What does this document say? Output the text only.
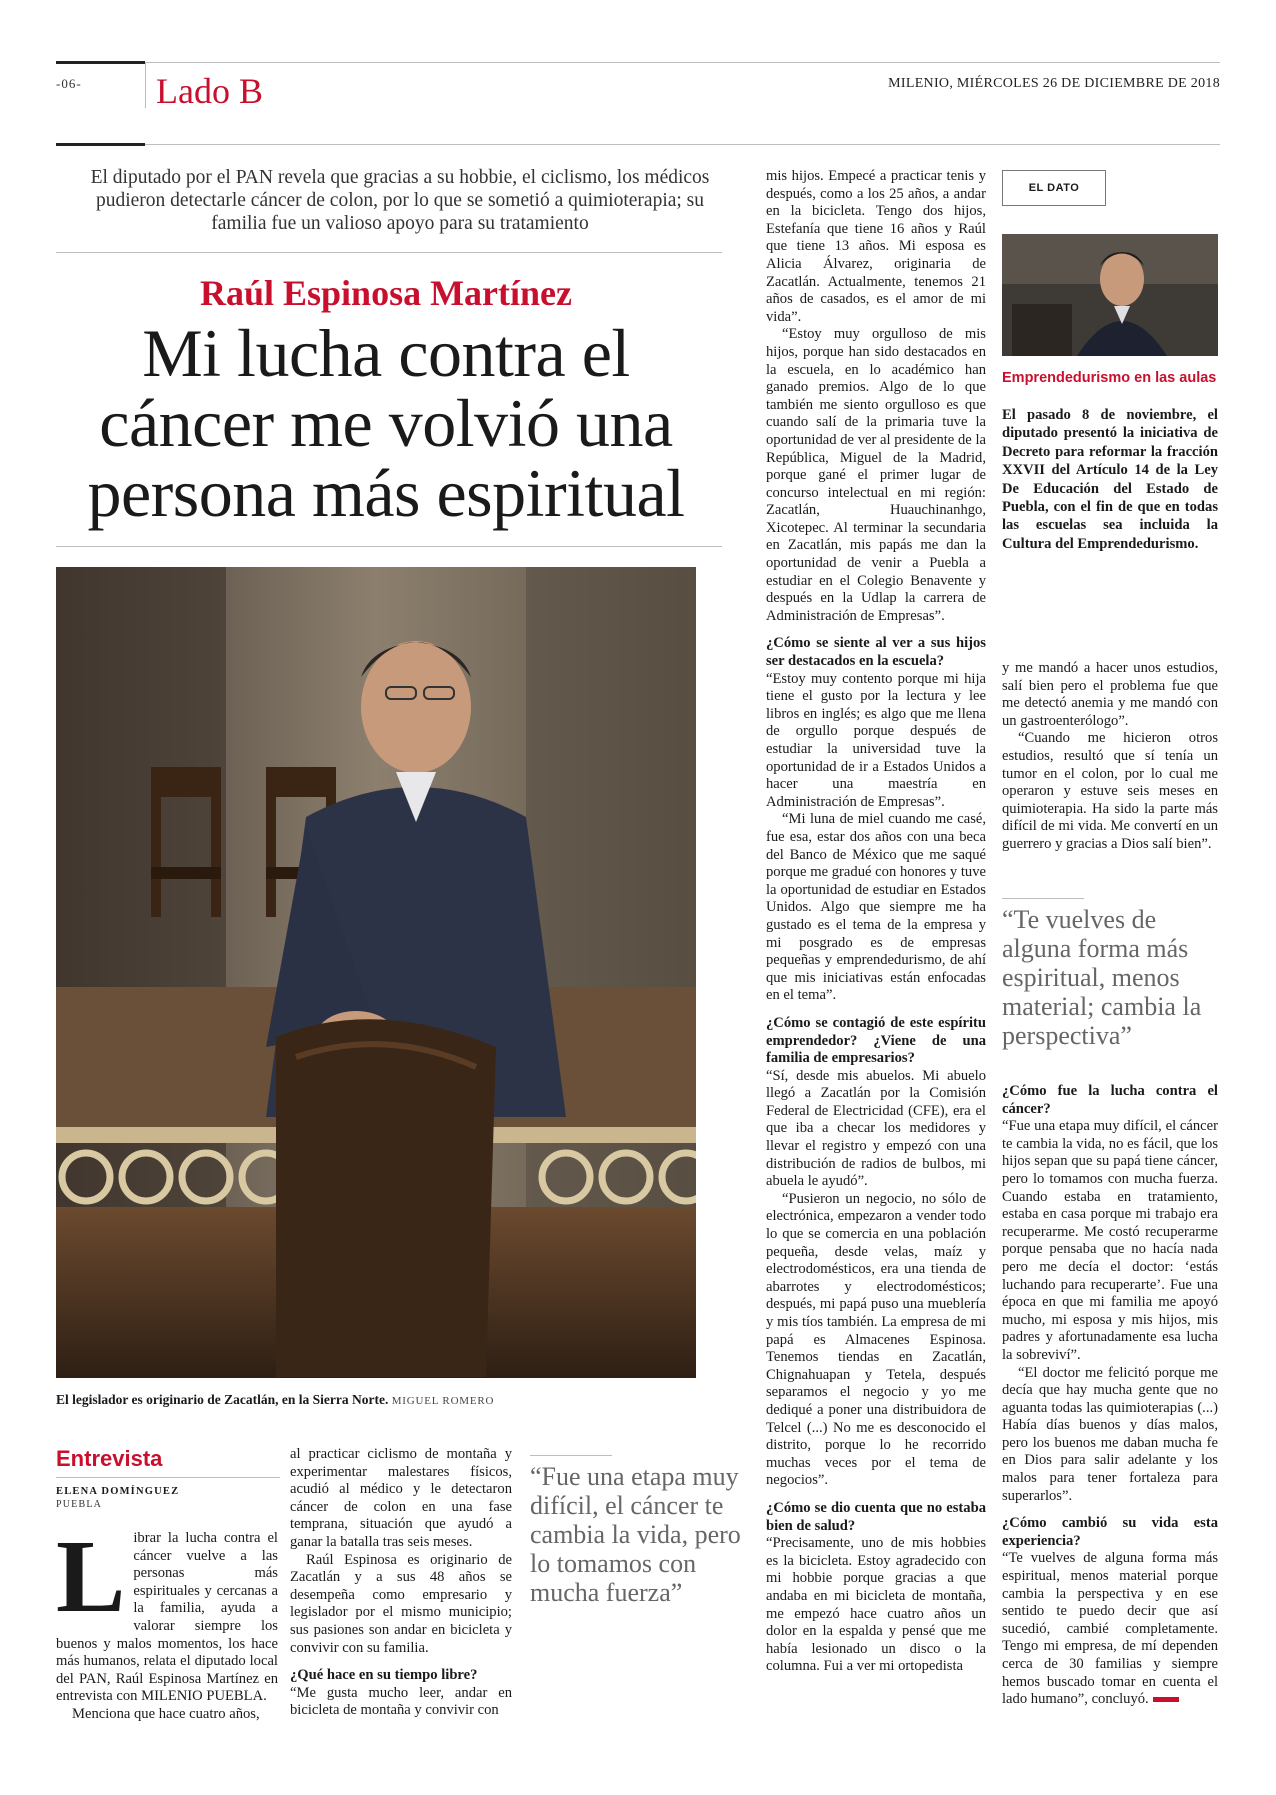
-06- Lado B	MILENIO, MIÉRCOLES 26 DE DICIEMBRE DE 2018
El diputado por el PAN revela que gracias a su hobbie, el ciclismo, los médicos pudieron detectarle cáncer de colon, por lo que se sometió a quimioterapia; su familia fue un valioso apoyo para su tratamiento
Raúl Espinosa Martínez
Mi lucha contra el cáncer me volvió una persona más espiritual
El legislador es originario de Zacatlán, en la Sierra Norte. MIGUEL ROMERO
Entrevista
ELENA DOMÍNGUEZ
PUEBLA
L ibrar la lucha contra el cáncer vuelve a las personas más espirituales y cercanas a la familia, ayuda a valorar siempre los buenos y malos momentos, los hace más humanos, relata el diputado local del PAN, Raúl Espinosa Martínez en entrevista con MILENIO PUEBLA.

Menciona que hace cuatro años,

al practicar ciclismo de montaña y experimentar malestares físicos, acudió al médico y le detectaron cáncer de colon en una fase temprana, situación que ayudó a ganar la batalla tras seis meses.

Raúl Espinosa es originario de Zacatlán y a sus 48 años se desempeña como empresario y legislador por el mismo municipio; sus pasiones son andar en bicicleta y convivir con su familia.

¿Qué hace en su tiempo libre?

“Me gusta mucho leer, andar en bicicleta de montaña y convivir con

“Fue una etapa muy difícil, el cáncer te cambia la vida, pero lo tomamos con mucha fuerza”

mis hijos. Empecé a practicar tenis y después, como a los 25 años, a andar en la bicicleta. Tengo dos hijos, Estefanía que tiene 16 años y Raúl que tiene 13 años. Mi esposa es Alicia Álvarez, originaria de Zacatlán. Actualmente, tenemos 21 años de casados, es el amor de mi vida”.

“Estoy muy orgulloso de mis hijos, porque han sido destacados en la escuela, en lo académico han ganado premios. Algo de lo que también me siento orgulloso es que cuando salí de la primaria tuve la oportunidad de ver al presidente de la República, Miguel de la Madrid, porque gané el primer lugar de concurso intelectual en mi región: Zacatlán, Huauchinanhgo, Xicotepec. Al terminar la secundaria en Zacatlán, mis papás me dan la oportunidad de venir a Puebla a estudiar en el Colegio Benavente y después en la Udlap la carrera de Administración de Empresas”.

¿Cómo se siente al ver a sus hijos ser destacados en la escuela?

“Estoy muy contento porque mi hija tiene el gusto por la lectura y lee libros en inglés; es algo que me llena de orgullo porque después de estudiar la universidad tuve la oportunidad de ir a Estados Unidos a hacer una maestría en Administración de Empresas”.

“Mi luna de miel cuando me casé, fue esa, estar dos años con una beca del Banco de México que me saqué porque me gradué con honores y tuve la oportunidad de estudiar en Estados Unidos. Algo que siempre me ha gustado es el tema de la empresa y mi posgrado es de empresas pequeñas y emprendedurismo, de ahí que mis iniciativas están enfocadas en el tema”.

¿Cómo se contagió de este espíritu emprendedor? ¿Viene de una familia de empresarios?

“Sí, desde mis abuelos. Mi abuelo llegó a Zacatlán por la Comisión Federal de Electricidad (CFE), era el que iba a checar los medidores y llevar el registro y empezó con una distribución de radios de bulbos, mi abuela le ayudó”.

“Pusieron un negocio, no sólo de electrónica, empezaron a vender todo lo que se comercia en una población pequeña, desde velas, maíz y electrodomésticos, era una tienda de abarrotes y electrodomésticos; después, mi papá puso una mueblería y mis tíos también. La empresa de mi papá es Almacenes Espinosa. Tenemos tiendas en Zacatlán, Chignahuapan y Tetela, después separamos el negocio y yo me dediqué a poner una distribuidora de Telcel (...) No me es desconocido el distrito, porque lo he recorrido muchas veces por el tema de negocios”.

¿Cómo se dio cuenta que no estaba bien de salud?

“Precisamente, uno de mis hobbies es la bicicleta. Estoy agradecido con mi hobbie porque gracias a que andaba en mi bicicleta de montaña, me empezó hace cuatro años un dolor en la espalda y pensé que me había lesionado un disco o la columna. Fui a ver mi ortopedista

EL DATO
Emprendedurismo en las aulas
El pasado 8 de noviembre, el diputado presentó la iniciativa de Decreto para reformar la fracción XXVII del Artículo 14 de la Ley De Educación del Estado de Puebla, con el fin de que en todas las escuelas sea incluida la Cultura del Emprendedurismo.

y me mandó a hacer unos estudios, salí bien pero el problema fue que me detectó anemia y me mandó con un gastroenterólogo”.

“Cuando me hicieron otros estudios, resultó que sí tenía un tumor en el colon, por lo cual me operaron y estuve seis meses en quimioterapia. Ha sido la parte más difícil de mi vida. Me convertí en un guerrero y gracias a Dios salí bien”.

“Te vuelves de alguna forma más espiritual, menos material; cambia la perspectiva”

¿Cómo fue la lucha contra el cáncer?

“Fue una etapa muy difícil, el cáncer te cambia la vida, no es fácil, que los hijos sepan que su papá tiene cáncer, pero lo tomamos con mucha fuerza. Cuando estaba en tratamiento, estaba en casa porque mi trabajo era recuperarme. Me costó recuperarme porque pensaba que no hacía nada pero me decía el doctor: ‘estás luchando para recuperarte’. Fue una época en que mi familia me apoyó mucho, mi esposa y mis hijos, mis padres y afortunadamente esa lucha la sobreviví”.

“El doctor me felicitó porque me decía que hay mucha gente que no aguanta todas las quimioterapias (...) Había días buenos y días malos, pero los buenos me daban mucha fe en Dios para salir adelante y los malos para tener fortaleza para superarlos”.

¿Cómo cambió su vida esta experiencia?

“Te vuelves de alguna forma más espiritual, menos material porque cambia la perspectiva y en ese sentido te puedo decir que así sucedió, cambié completamente. Tengo mi empresa, de mí dependen cerca de 30 familias y siempre hemos buscado tomar en cuenta el lado humano”, concluyó.
